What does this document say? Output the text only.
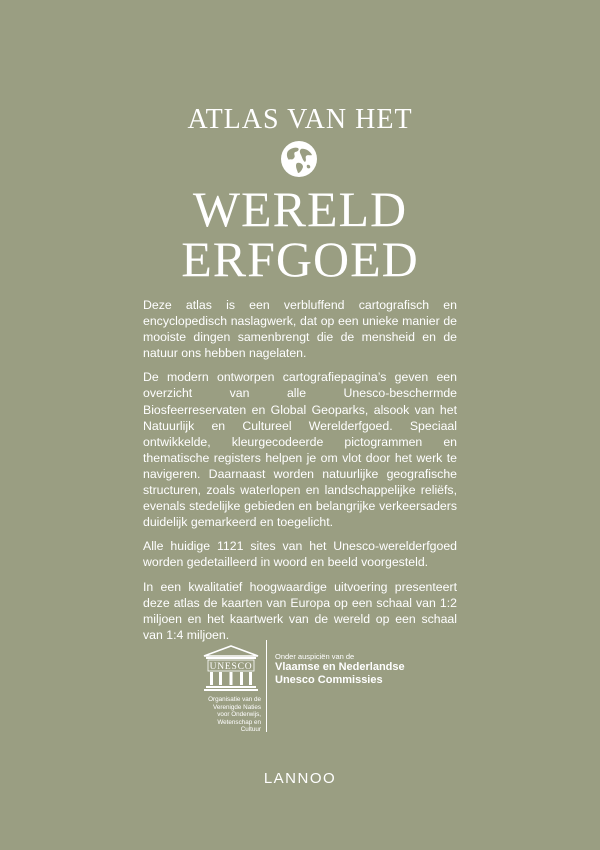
ATLAS VAN HET
WERELD
ERFGOED

Deze atlas is een verbluffend cartografisch en encyclopedisch naslagwerk, dat op een unieke manier de mooiste dingen samenbrengt die de mensheid en de natuur ons hebben nagelaten.

De modern ontworpen cartografiepagina’s geven een overzicht van alle Unesco-beschermde Biosfeerreservaten en Global Geoparks, alsook van het Natuurlijk en Cultureel Werelderfgoed. Speciaal ontwikkelde, kleurgecodeerde pictogrammen en thematische registers helpen je om vlot door het werk te navigeren. Daarnaast worden natuurlijke geografische structuren, zoals waterlopen en landschappelijke reliëfs, evenals stedelijke gebieden en belangrijke verkeersaders duidelijk gemarkeerd en toegelicht.

Alle huidige 1121 sites van het Unesco-werelderfgoed worden gedetailleerd in woord en beeld voorgesteld.

In een kwalitatief hoogwaardige uitvoering presenteert deze atlas de kaarten van Europa op een schaal van 1:2 miljoen en het kaartwerk van de wereld op een schaal van 1:4 miljoen.

UNESCO
Organisatie van de
Verenigde Naties
voor Onderwijs,
Wetenschap en Cultuur
Onder auspiciën van de
Vlaamse en Nederlandse
Unesco Commissies
LANNOO
